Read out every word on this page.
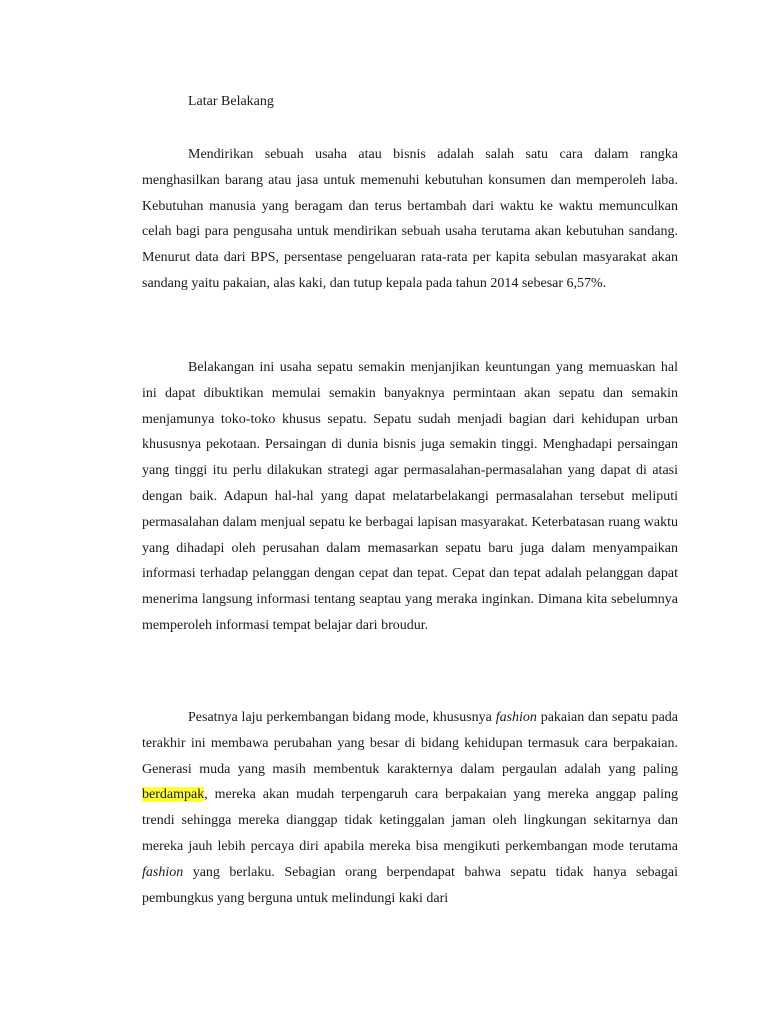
Latar Belakang

Mendirikan sebuah usaha atau bisnis adalah salah satu cara dalam rangka menghasilkan barang atau jasa untuk memenuhi kebutuhan konsumen dan memperoleh laba. Kebutuhan manusia yang beragam dan terus bertambah dari waktu ke waktu memunculkan celah bagi para pengusaha untuk mendirikan sebuah usaha terutama akan kebutuhan sandang. Menurut data dari BPS, persentase pengeluaran rata-rata per kapita sebulan masyarakat akan sandang yaitu pakaian, alas kaki, dan tutup kepala pada tahun 2014 sebesar 6,57%.

Belakangan ini usaha sepatu semakin menjanjikan keuntungan yang memuaskan hal ini dapat dibuktikan memulai semakin banyaknya permintaan akan sepatu dan semakin menjamunya toko-toko khusus sepatu. Sepatu sudah menjadi bagian dari kehidupan urban khususnya pekotaan. Persaingan di dunia bisnis juga semakin tinggi. Menghadapi persaingan yang tinggi itu perlu dilakukan strategi agar permasalahan-permasalahan yang dapat di atasi dengan baik. Adapun hal-hal yang dapat melatarbelakangi permasalahan tersebut meliputi permasalahan dalam menjual sepatu ke berbagai lapisan masyarakat. Keterbatasan ruang waktu yang dihadapi oleh perusahan dalam memasarkan sepatu baru juga dalam menyampaikan informasi terhadap pelanggan dengan cepat dan tepat. Cepat dan tepat adalah pelanggan dapat menerima langsung informasi tentang seaptau yang meraka inginkan. Dimana kita sebelumnya memperoleh informasi tempat belajar dari broudur.

Pesatnya laju perkembangan bidang mode, khususnya fashion pakaian dan sepatu pada terakhir ini membawa perubahan yang besar di bidang kehidupan termasuk cara berpakaian. Generasi muda yang masih membentuk karakternya dalam pergaulan adalah yang paling berdampak, mereka akan mudah terpengaruh cara berpakaian yang mereka anggap paling trendi sehingga mereka dianggap tidak ketinggalan jaman oleh lingkungan sekitarnya dan mereka jauh lebih percaya diri apabila mereka bisa mengikuti perkembangan mode terutama fashion yang berlaku. Sebagian orang berpendapat bahwa sepatu tidak hanya sebagai pembungkus yang berguna untuk melindungi kaki dari
